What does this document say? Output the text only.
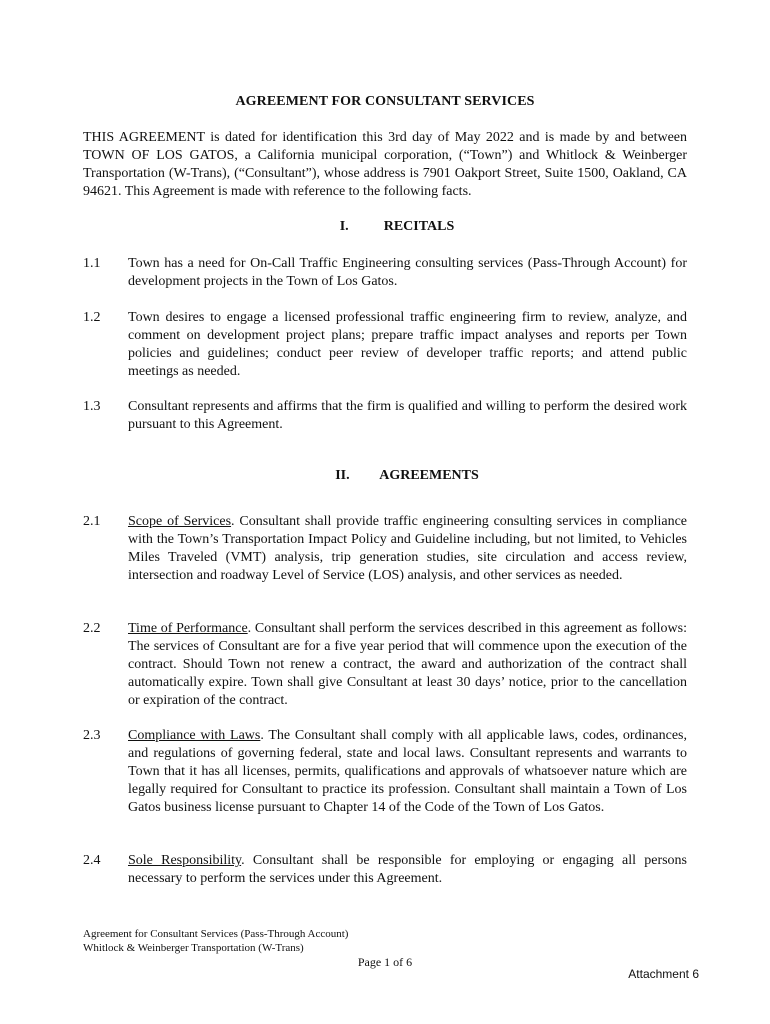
AGREEMENT FOR CONSULTANT SERVICES
THIS AGREEMENT is dated for identification this 3rd day of May 2022 and is made by and between TOWN OF LOS GATOS, a California municipal corporation, (“Town”) and Whitlock & Weinberger Transportation (W-Trans), (“Consultant”), whose address is 7901 Oakport Street, Suite 1500, Oakland, CA 94621. This Agreement is made with reference to the following facts.
I.	RECITALS
1.1	Town has a need for On-Call Traffic Engineering consulting services (Pass-Through Account) for development projects in the Town of Los Gatos.
1.2	Town desires to engage a licensed professional traffic engineering firm to review, analyze, and comment on development project plans; prepare traffic impact analyses and reports per Town policies and guidelines; conduct peer review of developer traffic reports; and attend public meetings as needed.
1.3	Consultant represents and affirms that the firm is qualified and willing to perform the desired work pursuant to this Agreement.
II. AGREEMENTS
2.1	Scope of Services. Consultant shall provide traffic engineering consulting services in compliance with the Town’s Transportation Impact Policy and Guideline including, but not limited, to Vehicles Miles Traveled (VMT) analysis, trip generation studies, site circulation and access review, intersection and roadway Level of Service (LOS) analysis, and other services as needed.
2.2	Time of Performance. Consultant shall perform the services described in this agreement as follows: The services of Consultant are for a five year period that will commence upon the execution of the contract. Should Town not renew a contract, the award and authorization of the contract shall automatically expire. Town shall give Consultant at least 30 days’ notice, prior to the cancellation or expiration of the contract.
2.3	Compliance with Laws. The Consultant shall comply with all applicable laws, codes, ordinances, and regulations of governing federal, state and local laws. Consultant represents and warrants to Town that it has all licenses, permits, qualifications and approvals of whatsoever nature which are legally required for Consultant to practice its profession. Consultant shall maintain a Town of Los Gatos business license pursuant to Chapter 14 of the Code of the Town of Los Gatos.
2.4	Sole Responsibility. Consultant shall be responsible for employing or engaging all persons necessary to perform the services under this Agreement.
Agreement for Consultant Services (Pass-Through Account)
Whitlock & Weinberger Transportation (W-Trans)
Page 1 of 6
Attachment 6
